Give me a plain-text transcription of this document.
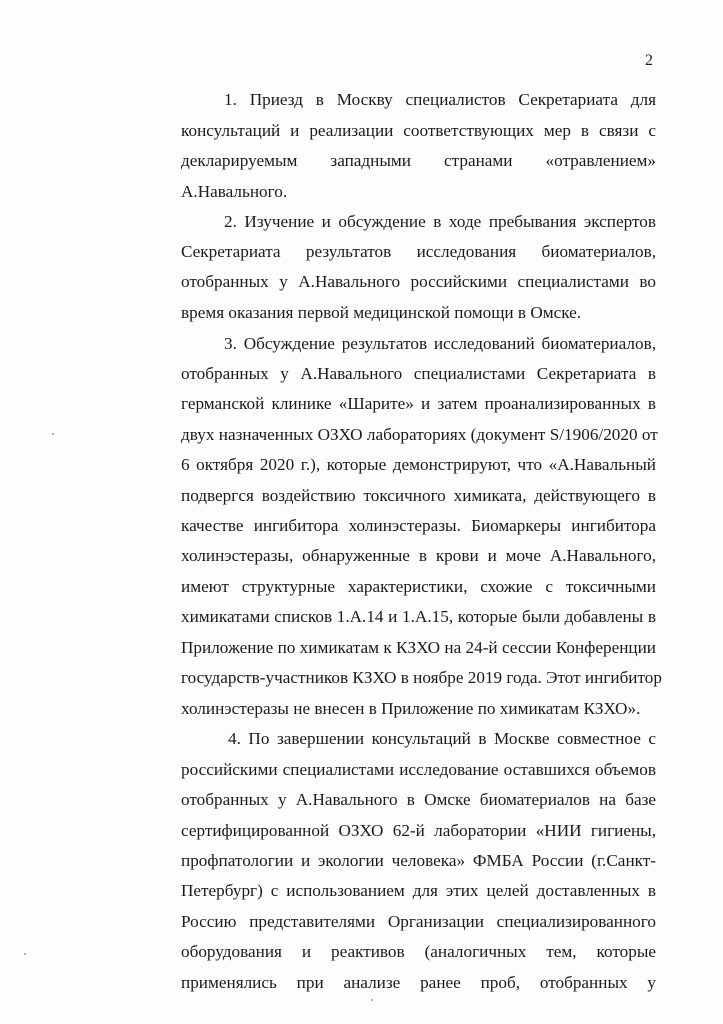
2
1. Приезд в Москву специалистов Секретариата для
консультаций и реализации соответствующих мер в связи с
декларируемым западными странами «отравлением»
А.Навального.
2. Изучение и обсуждение в ходе пребывания экспертов
Секретариата результатов исследования биоматериалов,
отобранных у А.Навального российскими специалистами во
время оказания первой медицинской помощи в Омске.
3. Обсуждение результатов исследований биоматериалов,
отобранных у А.Навального специалистами Секретариата в
германской клинике «Шарите» и затем проанализированных в
двух назначенных ОЗХО лабораториях (документ S/1906/2020 от
6 октября 2020 г.), которые демонстрируют, что «А.Навальный
подвергся воздействию токсичного химиката, действующего в
качестве ингибитора холинэстеразы. Биомаркеры ингибитора
холинэстеразы, обнаруженные в крови и моче А.Навального,
имеют структурные характеристики, схожие с токсичными
химикатами списков 1.А.14 и 1.А.15, которые были добавлены в
Приложение по химикатам к КЗХО на 24-й сессии Конференции
государств-участников КЗХО в ноябре 2019 года. Этот ингибитор
холинэстеразы не внесен в Приложение по химикатам КЗХО».
4. По завершении консультаций в Москве совместное с
российскими специалистами исследование оставшихся объемов
отобранных у А.Навального в Омске биоматериалов на базе
сертифицированной ОЗХО 62-й лаборатории «НИИ гигиены,
профпатологии и экологии человека» ФМБА России (г.Санкт-
Петербург) с использованием для этих целей доставленных в
Россию представителями Организации специализированного
оборудования и реактивов (аналогичных тем, которые
применялись при анализе ранее проб, отобранных у
